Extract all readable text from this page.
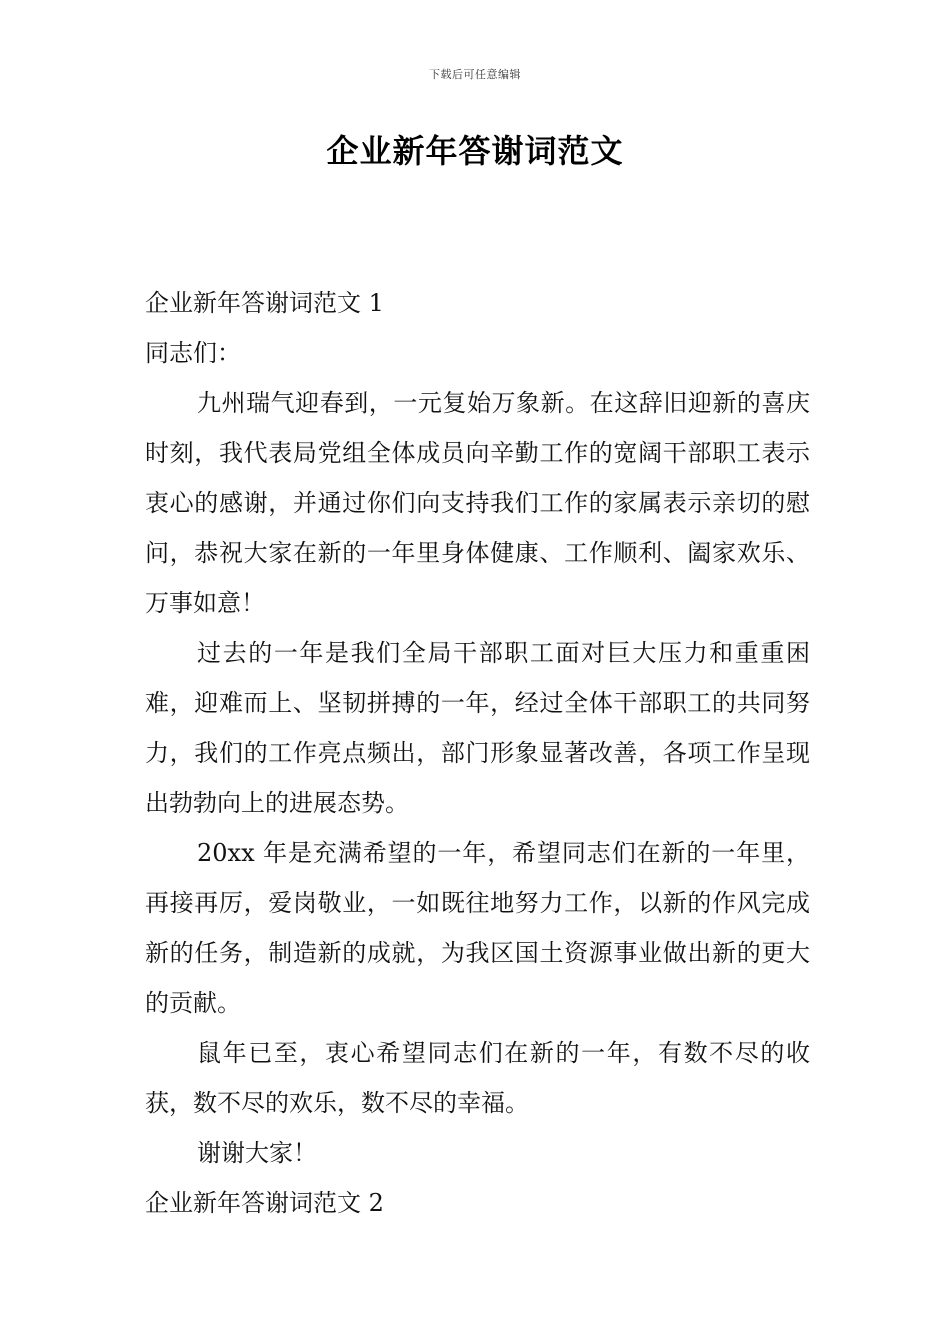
下载后可任意编辑
企业新年答谢词范文

企业新年答谢词范文 1

同志们：

九州瑞气迎春到，一元复始万象新。在这辞旧迎新的喜庆时刻，我代表局党组全体成员向辛勤工作的宽阔干部职工表示衷心的感谢，并通过你们向支持我们工作的家属表示亲切的慰问，恭祝大家在新的一年里身体健康、工作顺利、阖家欢乐、万事如意！

过去的一年是我们全局干部职工面对巨大压力和重重困难，迎难而上、坚韧拼搏的一年，经过全体干部职工的共同努力，我们的工作亮点频出，部门形象显著改善，各项工作呈现出勃勃向上的进展态势。

20xx 年是充满希望的一年，希望同志们在新的一年里，再接再厉，爱岗敬业，一如既往地努力工作，以新的作风完成新的任务，制造新的成就，为我区国土资源事业做出新的更大的贡献。

鼠年已至，衷心希望同志们在新的一年，有数不尽的收获，数不尽的欢乐，数不尽的幸福。

谢谢大家！

企业新年答谢词范文 2
